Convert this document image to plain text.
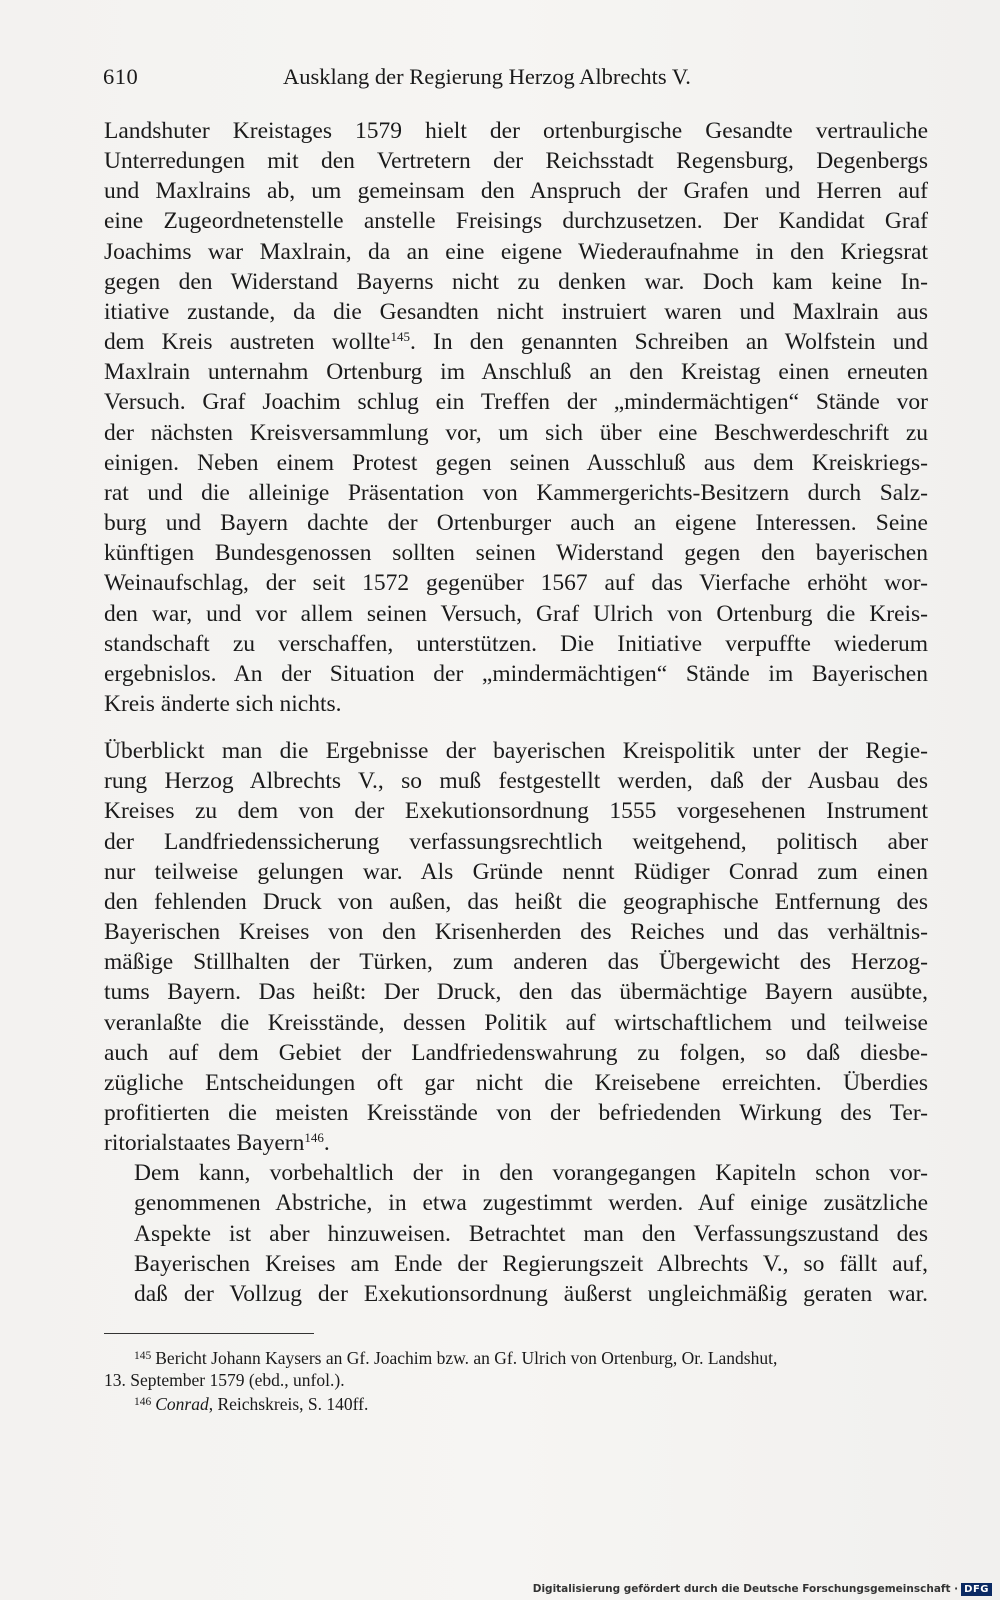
610	Ausklang der Regierung Herzog Albrechts V.

Landshuter Kreistages 1579 hielt der ortenburgische Gesandte vertrauliche
Unterredungen mit den Vertretern der Reichsstadt Regensburg, Degenbergs
und Maxlrains ab, um gemeinsam den Anspruch der Grafen und Herren auf
eine Zugeordnetenstelle anstelle Freisings durchzusetzen. Der Kandidat Graf
Joachims war Maxlrain, da an eine eigene Wiederaufnahme in den Kriegsrat
gegen den Widerstand Bayerns nicht zu denken war. Doch kam keine In-
itiative zustande, da die Gesandten nicht instruiert waren und Maxlrain aus
dem Kreis austreten wollte$^{145}$. In den genannten Schreiben an Wolfstein und
Maxlrain unternahm Ortenburg im Anschluß an den Kreistag einen erneuten
Versuch. Graf Joachim schlug ein Treffen der „mindermächtigen“ Stände vor
der nächsten Kreisversammlung vor, um sich über eine Beschwerdeschrift zu
einigen. Neben einem Protest gegen seinen Ausschluß aus dem Kreiskriegs-
rat und die alleinige Präsentation von Kammergerichts-Besitzern durch Salz-
burg und Bayern dachte der Ortenburger auch an eigene Interessen. Seine
künftigen Bundesgenossen sollten seinen Widerstand gegen den bayerischen
Weinaufschlag, der seit 1572 gegenüber 1567 auf das Vierfache erhöht wor-
den war, und vor allem seinen Versuch, Graf Ulrich von Ortenburg die Kreis-
standschaft zu verschaffen, unterstützen. Die Initiative verpuffte wiederum
ergebnislos. An der Situation der „mindermächtigen“ Stände im Bayerischen
Kreis änderte sich nichts.

Überblickt man die Ergebnisse der bayerischen Kreispolitik unter der Regie-
rung Herzog Albrechts V., so muß festgestellt werden, daß der Ausbau des
Kreises zu dem von der Exekutionsordnung 1555 vorgesehenen Instrument
der Landfriedenssicherung verfassungsrechtlich weitgehend, politisch aber
nur teilweise gelungen war. Als Gründe nennt Rüdiger Conrad zum einen
den fehlenden Druck von außen, das heißt die geographische Entfernung des
Bayerischen Kreises von den Krisenherden des Reiches und das verhältnis-
mäßige Stillhalten der Türken, zum anderen das Übergewicht des Herzog-
tums Bayern. Das heißt: Der Druck, den das übermächtige Bayern ausübte,
veranlaßte die Kreisstände, dessen Politik auf wirtschaftlichem und teilweise
auch auf dem Gebiet der Landfriedenswahrung zu folgen, so daß diesbe-
zügliche Entscheidungen oft gar nicht die Kreisebene erreichten. Überdies
profitierten die meisten Kreisstände von der befriedenden Wirkung des Ter-
ritorialstaates Bayern$^{146}$.

Dem kann, vorbehaltlich der in den vorangegangen Kapiteln schon vor-
genommenen Abstriche, in etwa zugestimmt werden. Auf einige zusätzliche
Aspekte ist aber hinzuweisen. Betrachtet man den Verfassungszustand des
Bayerischen Kreises am Ende der Regierungszeit Albrechts V., so fällt auf,
daß der Vollzug der Exekutionsordnung äußerst ungleichmäßig geraten war.

$^{145}$ Bericht Johann Kaysers an Gf. Joachim bzw. an Gf. Ulrich von Ortenburg, Or. Landshut,
13. September 1579 (ebd., unfol.).

$^{146}$ Conrad, Reichskreis, S. 140ff.

Digitalisierung gefördert durch die Deutsche Forschungsgemeinschaft · DFG
